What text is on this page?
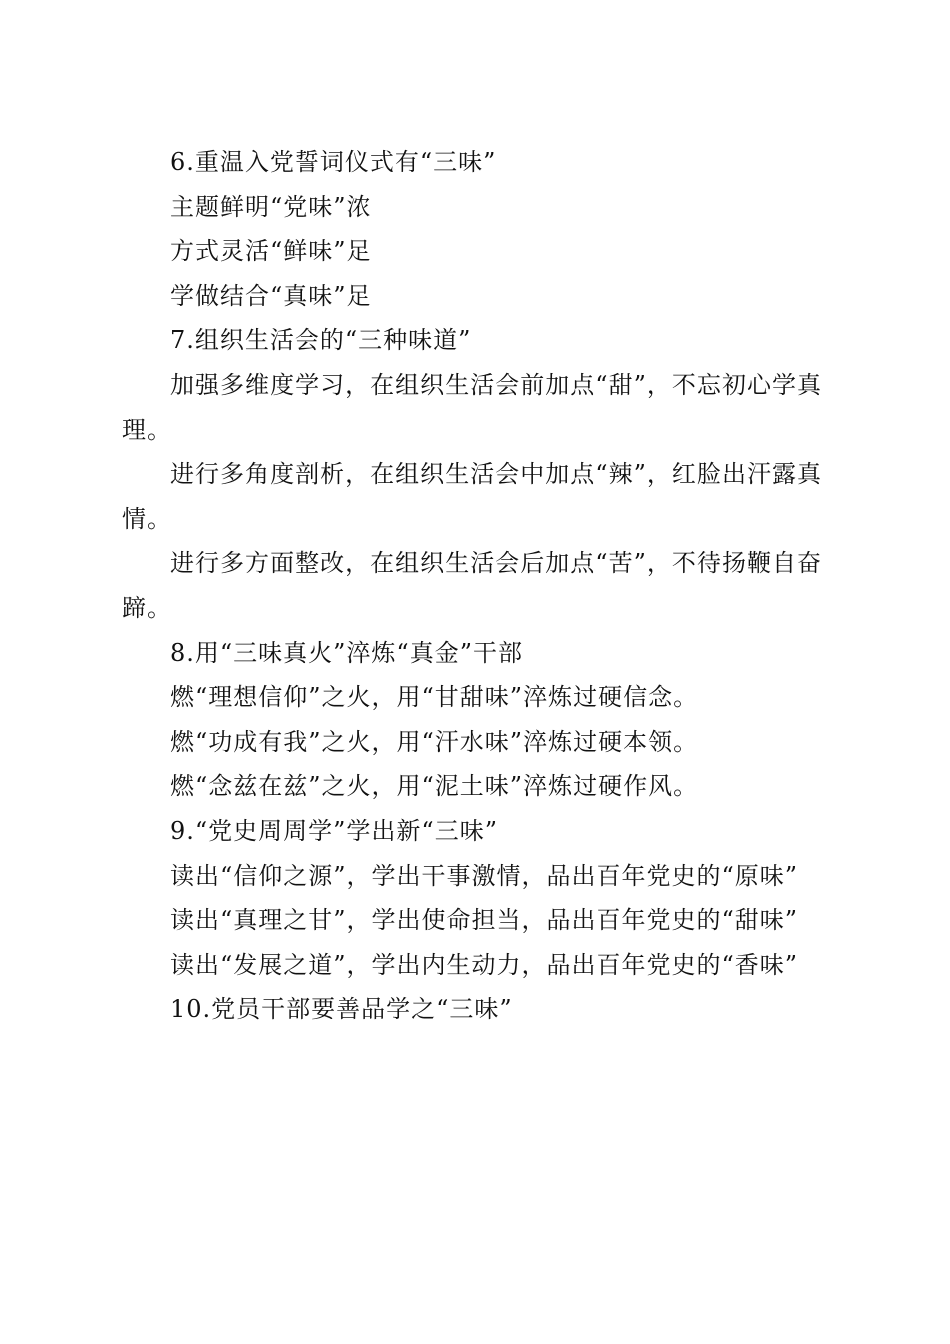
6.重温入党誓词仪式有“三味”
主题鲜明“党味”浓
方式灵活“鲜味”足
学做结合“真味”足
7.组织生活会的“三种味道”
加强多维度学习，在组织生活会前加点“甜”，不忘初心学真理。
进行多角度剖析，在组织生活会中加点“辣”，红脸出汗露真情。
进行多方面整改，在组织生活会后加点“苦”，不待扬鞭自奋蹄。
8.用“三味真火”淬炼“真金”干部
燃“理想信仰”之火，用“甘甜味”淬炼过硬信念。
燃“功成有我”之火，用“汗水味”淬炼过硬本领。
燃“念兹在兹”之火，用“泥土味”淬炼过硬作风。
9.“党史周周学”学出新“三味”
读出“信仰之源”，学出干事激情，品出百年党史的“原味”
读出“真理之甘”，学出使命担当，品出百年党史的“甜味”
读出“发展之道”，学出内生动力，品出百年党史的“香味”
10.党员干部要善品学之“三味”
